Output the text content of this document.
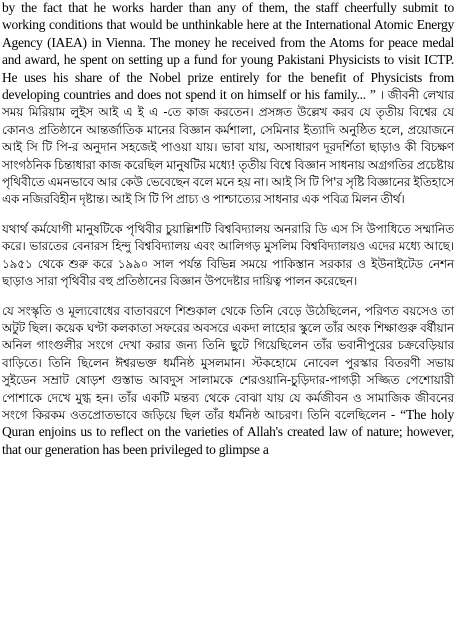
by the fact that he works harder than any of them, the staff cheerfully submit to working conditions that would be unthinkable here at the International Atomic Energy Agency (IAEA) in Vienna. The money he received from the Atoms for peace medal and award, he spent on setting up a fund for young Pakistani Physicists to visit ICTP. He uses his share of the Nobel prize entirely for the benefit of Physicists from developing countries and does not spend it on himself or his family... ” । জীবনী লেখার সময় মিরিয়াম লুইস আই এ ই এ -তে কাজ করতেন। প্রসঙ্গত উল্লেখ করব যে তৃতীয় বিশ্বের যে কোনও প্রতিষ্ঠানে আন্তর্জাতিক মানের বিজ্ঞান কর্মশালা, সেমিনার ইত্যাদি অনুষ্ঠিত হলে, প্রয়োজনে আই সি টি পি-র অনুদান সহজেই পাওয়া যায়। ভাবা যায়, অসাধারণ দূরদর্শিতা ছাড়াও কী বিচক্ষণ সাংগঠনিক চিন্তাধারা কাজ করেছিল মানুষটির মধ্যে! তৃতীয় বিশ্বে বিজ্ঞান সাধনায় অগ্রগতির প্রচেষ্টায় পৃথিবীতে এমনভাবে আর কেউ ভেবেছেন বলে মনে হয় না। আই সি টি পি'র সৃষ্টি বিজ্ঞানের ইতিহাসে এক নজিরবিহীন দৃষ্টান্ত। আই সি টি পি প্রাচ্য ও পাশ্চাত্যের সাধনার এক পবিত্র মিলন তীর্থ।

যথার্থ কর্মযোগী মানুষটিকে পৃথিবীর চুয়াল্লিশটি বিশ্ববিদ্যালয় অনরারি ডি এস সি উপাধিতে সম্মানিত করে। ভারতের বেনারস হিন্দু বিশ্ববিদ্যালয় এবং আলিগড় মুসলিম বিশ্ববিদ্যালয়ও এদের মধ্যে আছে। ১৯৫১ থেকে শুরু করে ১৯৯০ সাল পর্যন্ত বিভিন্ন সময়ে পাকিস্তান সরকার ও ইউনাইটেড নেশন ছাড়াও সারা পৃথিবীর বহু প্রতিষ্ঠানের বিজ্ঞান উপদেষ্টার দায়িত্ব পালন করেছেন।

যে সংস্কৃতি ও মূল্যবোধের বাতাবরণে শিশুকাল থেকে তিনি বেড়ে উঠেছিলেন, পরিণত বয়সেও তা অটুট ছিল। কয়েক ঘণ্টা কলকাতা সফরের অবসরে একদা লাহোর স্কুলে তাঁর অংক শিক্ষাগুরু বর্ষীয়ান অনিল গাংগুলীর সংগে দেখা করার জন্য তিনি ছুটে গিয়েছিলেন তাঁর ভবানীপুরের চক্রবেড়িয়ার বাড়িতে। তিনি ছিলেন ঈশ্বরভক্ত ধর্মনিষ্ঠ মুসলমান। স্টকহোমে নোবেল পুরস্কার বিতরণী সভায় সুইডেন সম্রাট ষোড়শ গুস্তাভ আবদুস সালামকে শেরওয়ানি-চুড়িদার-পাগড়ী সজ্জিত পেশোয়ারী পোশাকে দেখে মুগ্ধ হন। তাঁর একটি মন্তব্য থেকে বোঝা যায় যে কর্মজীবন ও সামাজিক জীবনের সংগে কিরকম ওতপ্রোতভাবে জড়িয়ে ছিল তাঁর ধর্মনিষ্ঠ আচরণ। তিনি বলেছিলেন - “The holy Quran enjoins us to reflect on the varieties of Allah's created law of nature; however, that our generation has been privileged to glimpse a
